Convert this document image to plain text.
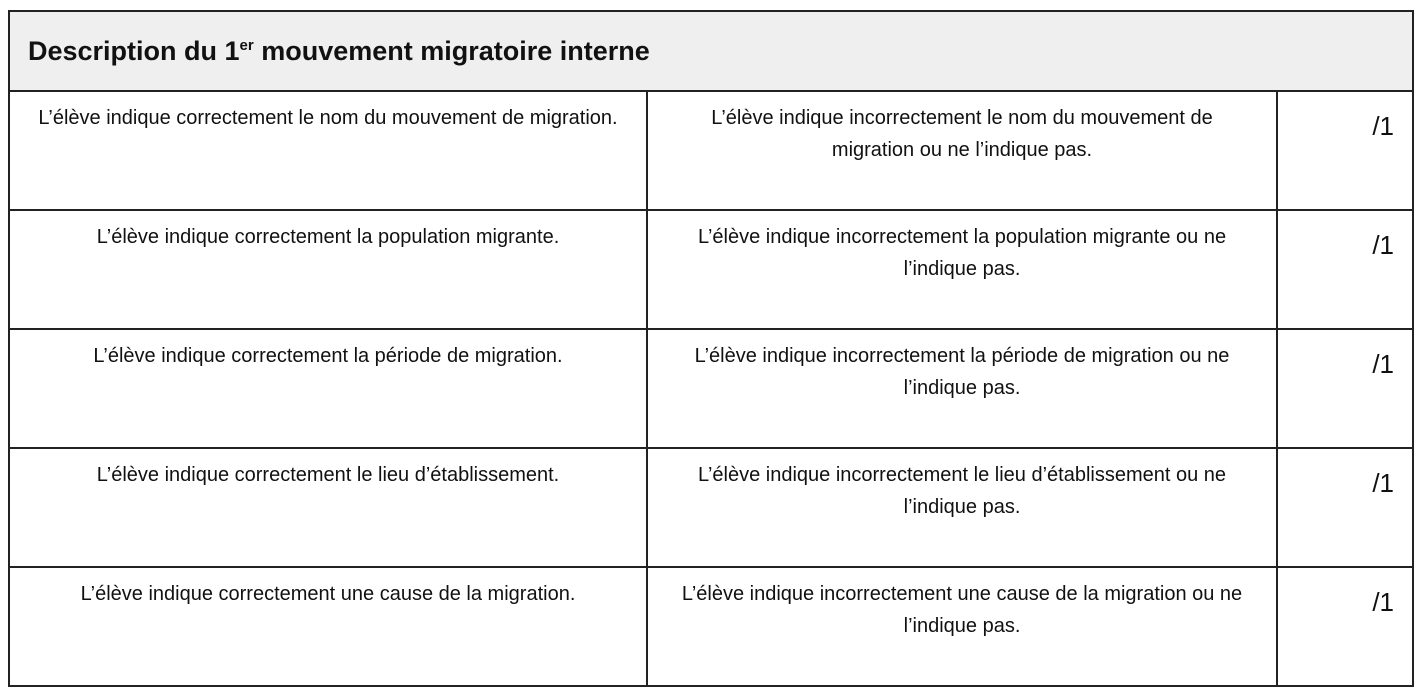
Description du 1er mouvement migratoire interne		
L’élève indique correctement le nom du mouvement de migration.	L’élève indique incorrectement le nom du mouvement de migration ou ne l’indique pas.	/1
L’élève indique correctement la population migrante.	L’élève indique incorrectement la population migrante ou ne l’indique pas.	/1
L’élève indique correctement la période de migration.	L’élève indique incorrectement la période de migration ou ne l’indique pas.	/1
L’élève indique correctement le lieu d’établissement.	L’élève indique incorrectement le lieu d’établissement ou ne l’indique pas.	/1
L’élève indique correctement une cause de la migration.	L’élève indique incorrectement une cause de la migration ou ne l’indique pas.	/1
